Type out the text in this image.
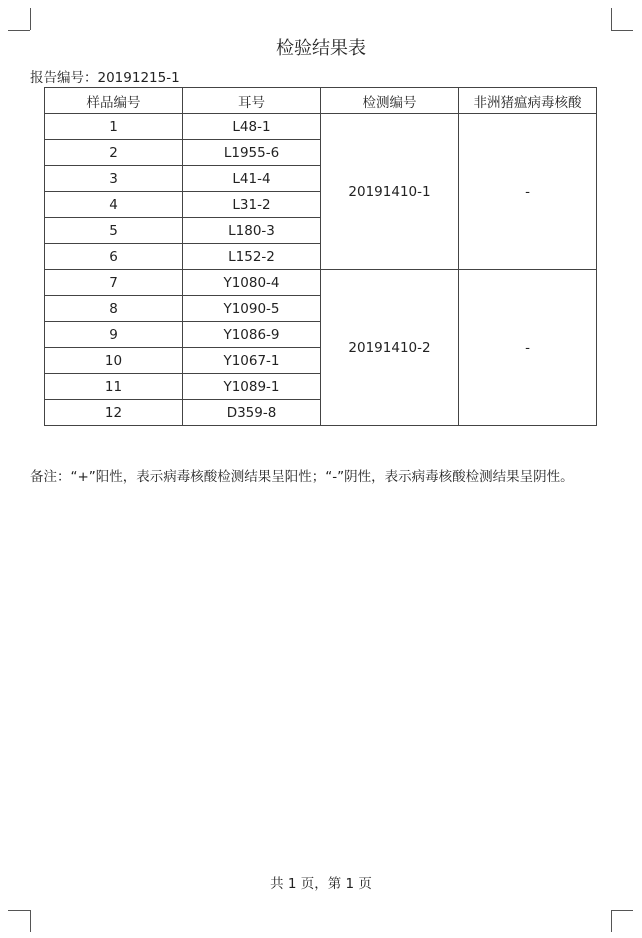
检验结果表
报告编号：20191215-1
样品编号	耳号	检测编号	非洲猪瘟病毒核酸
1	L48-1	20191410-1	-
2	L1955-6		
3	L41-4		
4	L31-2		
5	L180-3		
6	L152-2		
7	Y1080-4	20191410-2	-
8	Y1090-5		
9	Y1086-9		
10	Y1067-1		
11	Y1089-1		
12	D359-8		
备注：“+”阳性，表示病毒核酸检测结果呈阳性；“-”阴性，表示病毒核酸检测结果呈阴性。
共 1 页，第 1 页
